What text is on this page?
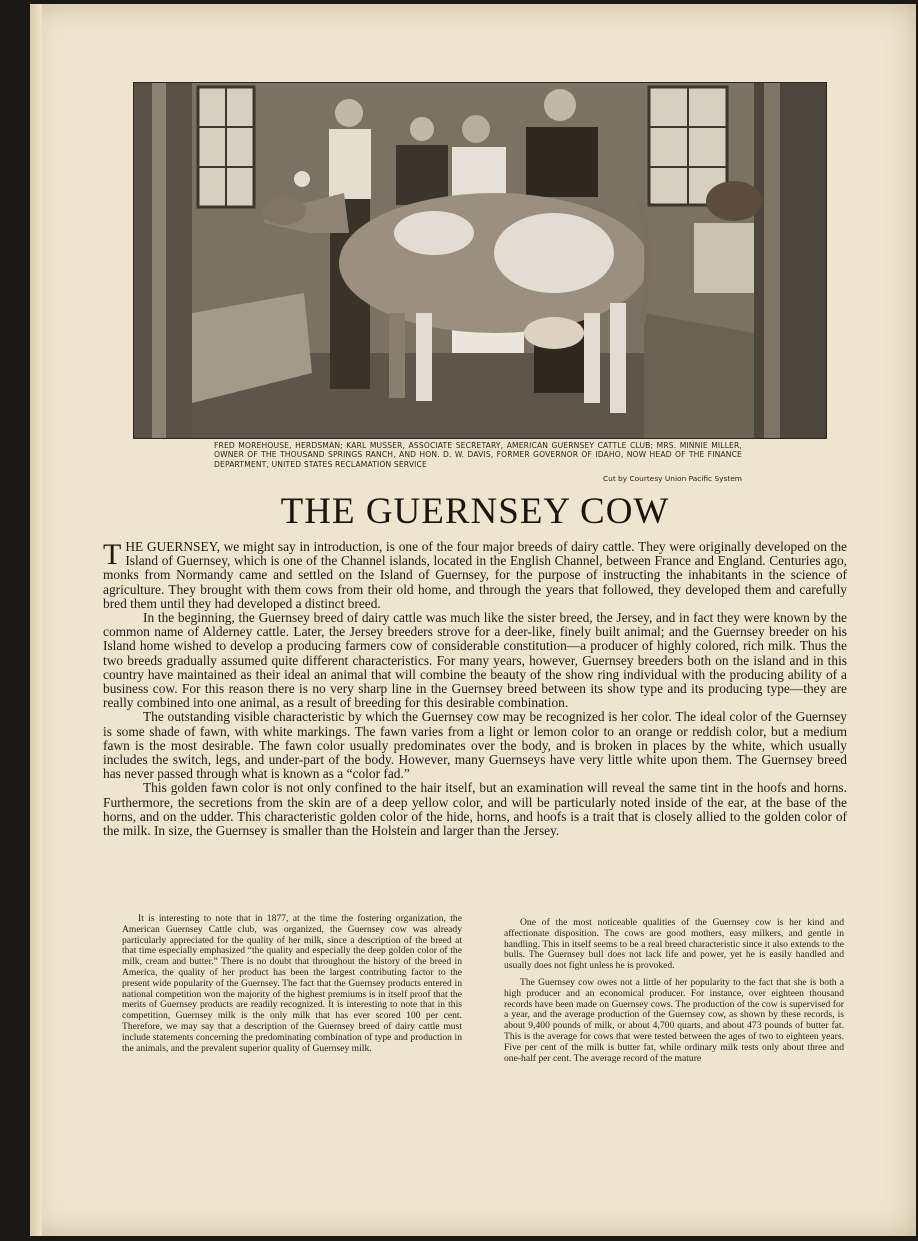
FRED MOREHOUSE, HERDSMAN; KARL MUSSER, ASSOCIATE SECRETARY, AMERICAN GUERNSEY CATTLE CLUB; MRS. MINNIE MILLER, OWNER OF THE THOUSAND SPRINGS RANCH, AND HON. D. W. DAVIS, FORMER GOVERNOR OF IDAHO, NOW HEAD OF THE FINANCE DEPARTMENT, UNITED STATES RECLAMATION SERVICE
Cut by Courtesy Union Pacific System
THE GUERNSEY COW

THE GUERNSEY, we might say in introduction, is one of the four major breeds of dairy cattle. They were originally developed on the Island of Guernsey, which is one of the Channel islands, located in the English Channel, between France and England. Centuries ago, monks from Normandy came and settled on the Island of Guernsey, for the purpose of instructing the inhabitants in the science of agriculture. They brought with them cows from their old home, and through the years that followed, they developed them and carefully bred them until they had developed a distinct breed.

In the beginning, the Guernsey breed of dairy cattle was much like the sister breed, the Jersey, and in fact they were known by the common name of Alderney cattle. Later, the Jersey breeders strove for a deer-like, finely built animal; and the Guernsey breeder on his Island home wished to develop a producing farmers cow of considerable constitution—a producer of highly colored, rich milk. Thus the two breeds gradually assumed quite different characteristics. For many years, however, Guernsey breeders both on the island and in this country have maintained as their ideal an animal that will combine the beauty of the show ring individual with the producing ability of a business cow. For this reason there is no very sharp line in the Guernsey breed between its show type and its producing type—they are really combined into one animal, as a result of breeding for this desirable combination.

The outstanding visible characteristic by which the Guernsey cow may be recognized is her color. The ideal color of the Guernsey is some shade of fawn, with white markings. The fawn varies from a light or lemon color to an orange or reddish color, but a medium fawn is the most desirable. The fawn color usually predominates over the body, and is broken in places by the white, which usually includes the switch, legs, and under-part of the body. However, many Guernseys have very little white upon them. The Guernsey breed has never passed through what is known as a “color fad.”

This golden fawn color is not only confined to the hair itself, but an examination will reveal the same tint in the hoofs and horns. Furthermore, the secretions from the skin are of a deep yellow color, and will be particularly noted inside of the ear, at the base of the horns, and on the udder. This characteristic golden color of the hide, horns, and hoofs is a trait that is closely allied to the golden color of the milk. In size, the Guernsey is smaller than the Holstein and larger than the Jersey.

It is interesting to note that in 1877, at the time the fostering organization, the American Guernsey Cattle club, was organized, the Guernsey cow was already particularly appreciated for the quality of her milk, since a description of the breed at that time especially emphasized “the quality and especially the deep golden color of the milk, cream and butter.” There is no doubt that throughout the history of the breed in America, the quality of her product has been the largest contributing factor to the present wide popularity of the Guernsey. The fact that the Guernsey products entered in national competition won the majority of the highest premiums is in itself proof that the merits of Guernsey products are readily recognized. It is interesting to note that in this competition, Guernsey milk is the only milk that has ever scored 100 per cent. Therefore, we may say that a description of the Guernsey breed of dairy cattle must include statements concerning the predominating combination of type and production in the animals, and the prevalent superior quality of Guernsey milk.

One of the most noticeable qualities of the Guernsey cow is her kind and affectionate disposition. The cows are good mothers, easy milkers, and gentle in handling. This in itself seems to be a real breed characteristic since it also extends to the bulls. The Guernsey bull does not lack life and power, yet he is easily handled and usually does not fight unless he is provoked.

The Guernsey cow owes not a little of her popularity to the fact that she is both a high producer and an economical producer. For instance, over eighteen thousand records have been made on Guernsey cows. The production of the cow is supervised for a year, and the average production of the Guernsey cow, as shown by these records, is about 9,400 pounds of milk, or about 4,700 quarts, and about 473 pounds of butter fat. This is the average for cows that were tested between the ages of two to eighteen years. Five per cent of the milk is butter fat, while ordinary milk tests only about three and one-half per cent. The average record of the mature
